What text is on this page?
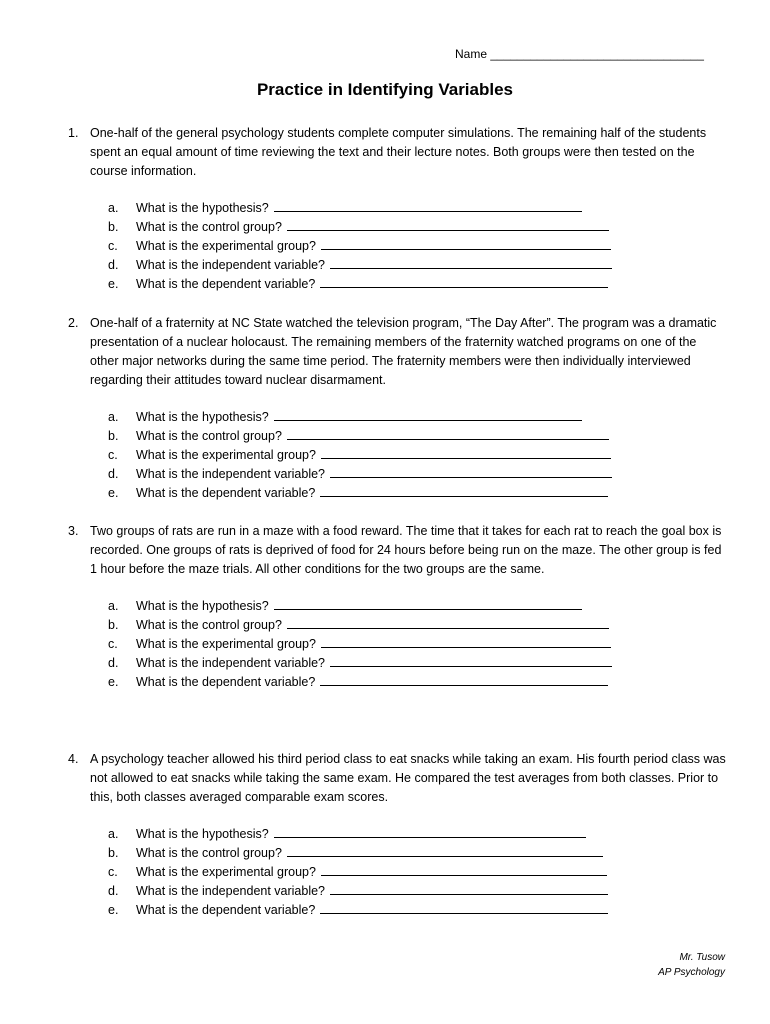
Name ________________________________
Practice in Identifying Variables
1. One-half of the general psychology students complete computer simulations. The remaining half of the students spent an equal amount of time reviewing the text and their lecture notes. Both groups were then tested on the course information.
a.	What is the hypothesis?
b.	What is the control group?
c.	What is the experimental group?
d.	What is the independent variable?
e.	What is the dependent variable?
2. One-half of a fraternity at NC State watched the television program, “The Day After”. The program was a dramatic presentation of a nuclear holocaust. The remaining members of the fraternity watched programs on one of the other major networks during the same time period. The fraternity members were then individually interviewed regarding their attitudes toward nuclear disarmament.
a.	What is the hypothesis?
b.	What is the control group?
c.	What is the experimental group?
d.	What is the independent variable?
e.	What is the dependent variable?
3. Two groups of rats are run in a maze with a food reward. The time that it takes for each rat to reach the goal box is recorded. One groups of rats is deprived of food for 24 hours before being run on the maze. The other group is fed 1 hour before the maze trials. All other conditions for the two groups are the same.
a.	What is the hypothesis?
b.	What is the control group?
c.	What is the experimental group?
d.	What is the independent variable?
e.	What is the dependent variable?
4. A psychology teacher allowed his third period class to eat snacks while taking an exam. His fourth period class was not allowed to eat snacks while taking the same exam. He compared the test averages from both classes. Prior to this, both classes averaged comparable exam scores.
a.	What is the hypothesis?
b.	What is the control group?
c.	What is the experimental group?
d.	What is the independent variable?
e.	What is the dependent variable?
Mr. Tusow
AP Psychology
